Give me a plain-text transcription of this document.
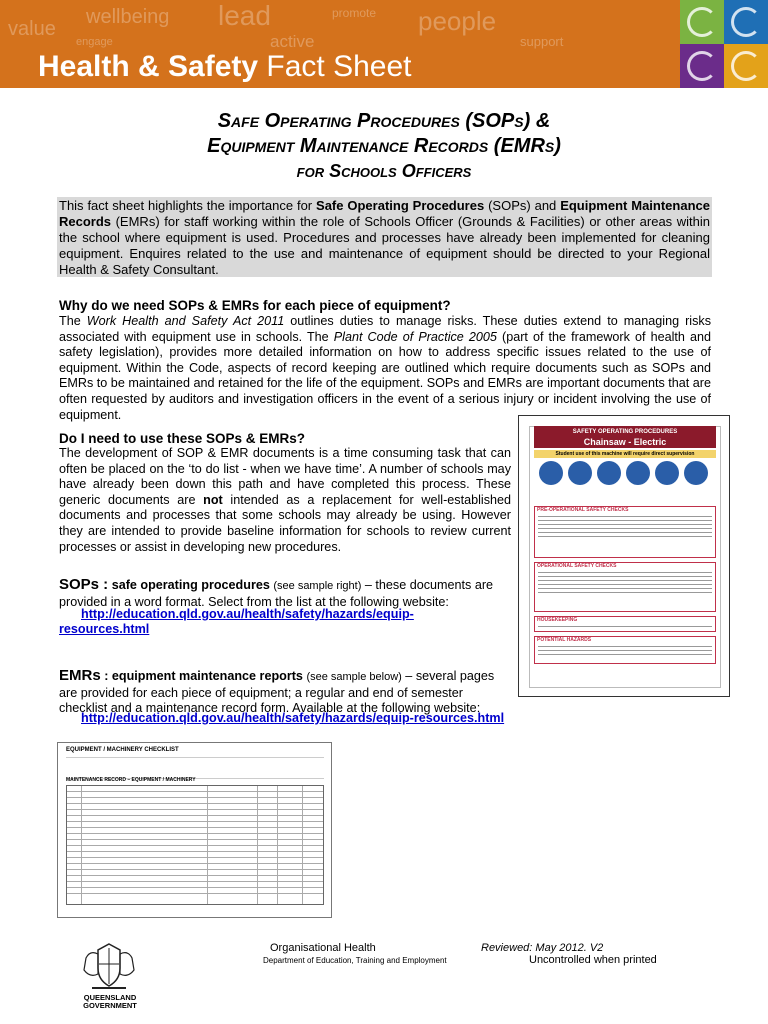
value
wellbeing lead	promote people
engage	active	support
Health & Safety Fact Sheet
Safe Operating Procedures (SOPs) &
Equipment Maintenance Records (EMRs)
for Schools Officers
This fact sheet highlights the importance for Safe Operating Procedures (SOPs) and Equipment Maintenance Records (EMRs) for staff working within the role of Schools Officer (Grounds & Facilities) or other areas within the school where equipment is used. Procedures and processes have already been implemented for cleaning equipment. Enquires related to the use and maintenance of equipment should be directed to your Regional Health & Safety Consultant.
Why do we need SOPs & EMRs for each piece of equipment?
The Work Health and Safety Act 2011 outlines duties to manage risks. These duties extend to managing risks associated with equipment use in schools. The Plant Code of Practice 2005 (part of the framework of health and safety legislation), provides more detailed information on how to address specific issues related to the use of equipment. Within the Code, aspects of record keeping are outlined which require documents such as SOPs and EMRs to be maintained and retained for the life of the equipment. SOPs and EMRs are important documents that are often requested by auditors and investigation officers in the event of a serious injury or incident involving the use of equipment.
Do I need to use these SOPs & EMRs?
The development of SOP & EMR documents is a time consuming task that can often be placed on the ‘to do list - when we have time’. A number of schools may have already been down this path and have completed this process. These generic documents are not intended as a replacement for well-established documents and processes that some schools may already be using. However they are intended to provide baseline information for schools to review current processes or assist in developing new procedures.
SOPs : safe operating procedures (see sample right) – these documents are provided in a word format. Select from the list at the following website:
http://education.qld.gov.au/health/safety/hazards/equip-
resources.html
SAFETY OPERATING PROCEDURES
Chainsaw - Electric
Student use of this machine will require direct supervision
PRE-OPERATIONAL SAFETY CHECKS
OPERATIONAL SAFETY CHECKS
HOUSEKEEPING
POTENTIAL HAZARDS
EMRs : equipment maintenance reports (see sample below) – several pages are provided for each piece of equipment; a regular and end of semester checklist and a maintenance record form. Available at the following website:
http://education.qld.gov.au/health/safety/hazards/equip-resources.html
EQUIPMENT / MACHINERY CHECKLIST
MAINTENANCE RECORD – EQUIPMENT / MACHINERY
QUEENSLAND
GOVERNMENT
Organisational Health
Department of Education, Training and Employment
Reviewed: May 2012. V2
Uncontrolled when printed
